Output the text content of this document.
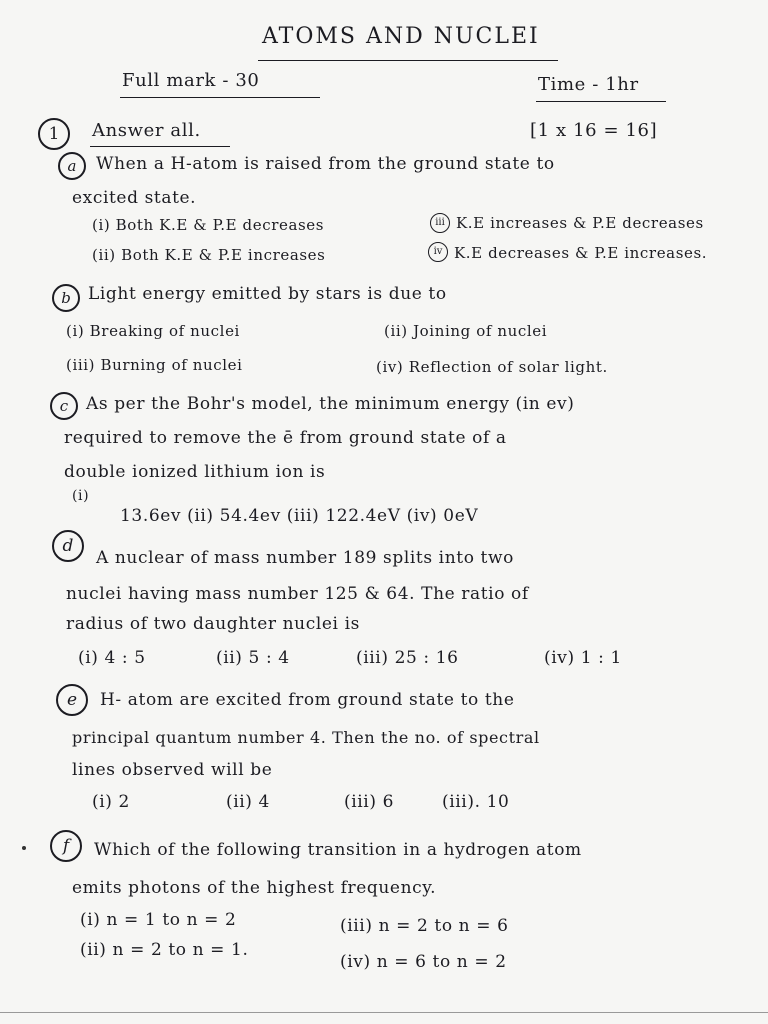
ATOMS AND NUCLEI
Full mark - 30	Time - 1hr
1	Answer all.	[1 x 16 = 16]
a	When a H-atom is raised from the ground state to
excited state.
(i) Both K.E & P.E decreases	iii K.E increases & P.E decreases
(ii) Both K.E & P.E increases	iv K.E decreases & P.E increases.
b	Light energy emitted by stars is due to
(i) Breaking of nuclei	(ii) Joining of nuclei
(iii) Burning of nuclei	(iv) Reflection of solar light.
c	As per the Bohr's model, the minimum energy (in ev)
required to remove the ē from ground state of a
double ionized lithium ion is
(i)
13.6ev (ii) 54.4ev (iii) 122.4eV (iv) 0eV
d
A nuclear of mass number 189 splits into two
nuclei having mass number 125 & 64. The ratio of
radius of two daughter nuclei is
(i) 4 : 5	(ii) 5 : 4	(iii) 25 : 16	(iv) 1 : 1
e	H- atom are excited from ground state to the
principal quantum number 4. Then the no. of spectral
lines observed will be
(i) 2	(ii) 4	(iii) 6	(iii). 10
f	Which of the following transition in a hydrogen atom
emits photons of the highest frequency.
(i) n = 1 to n = 2	(iii) n = 2 to n = 6
(ii) n = 2 to n = 1.
(iv) n = 6 to n = 2
